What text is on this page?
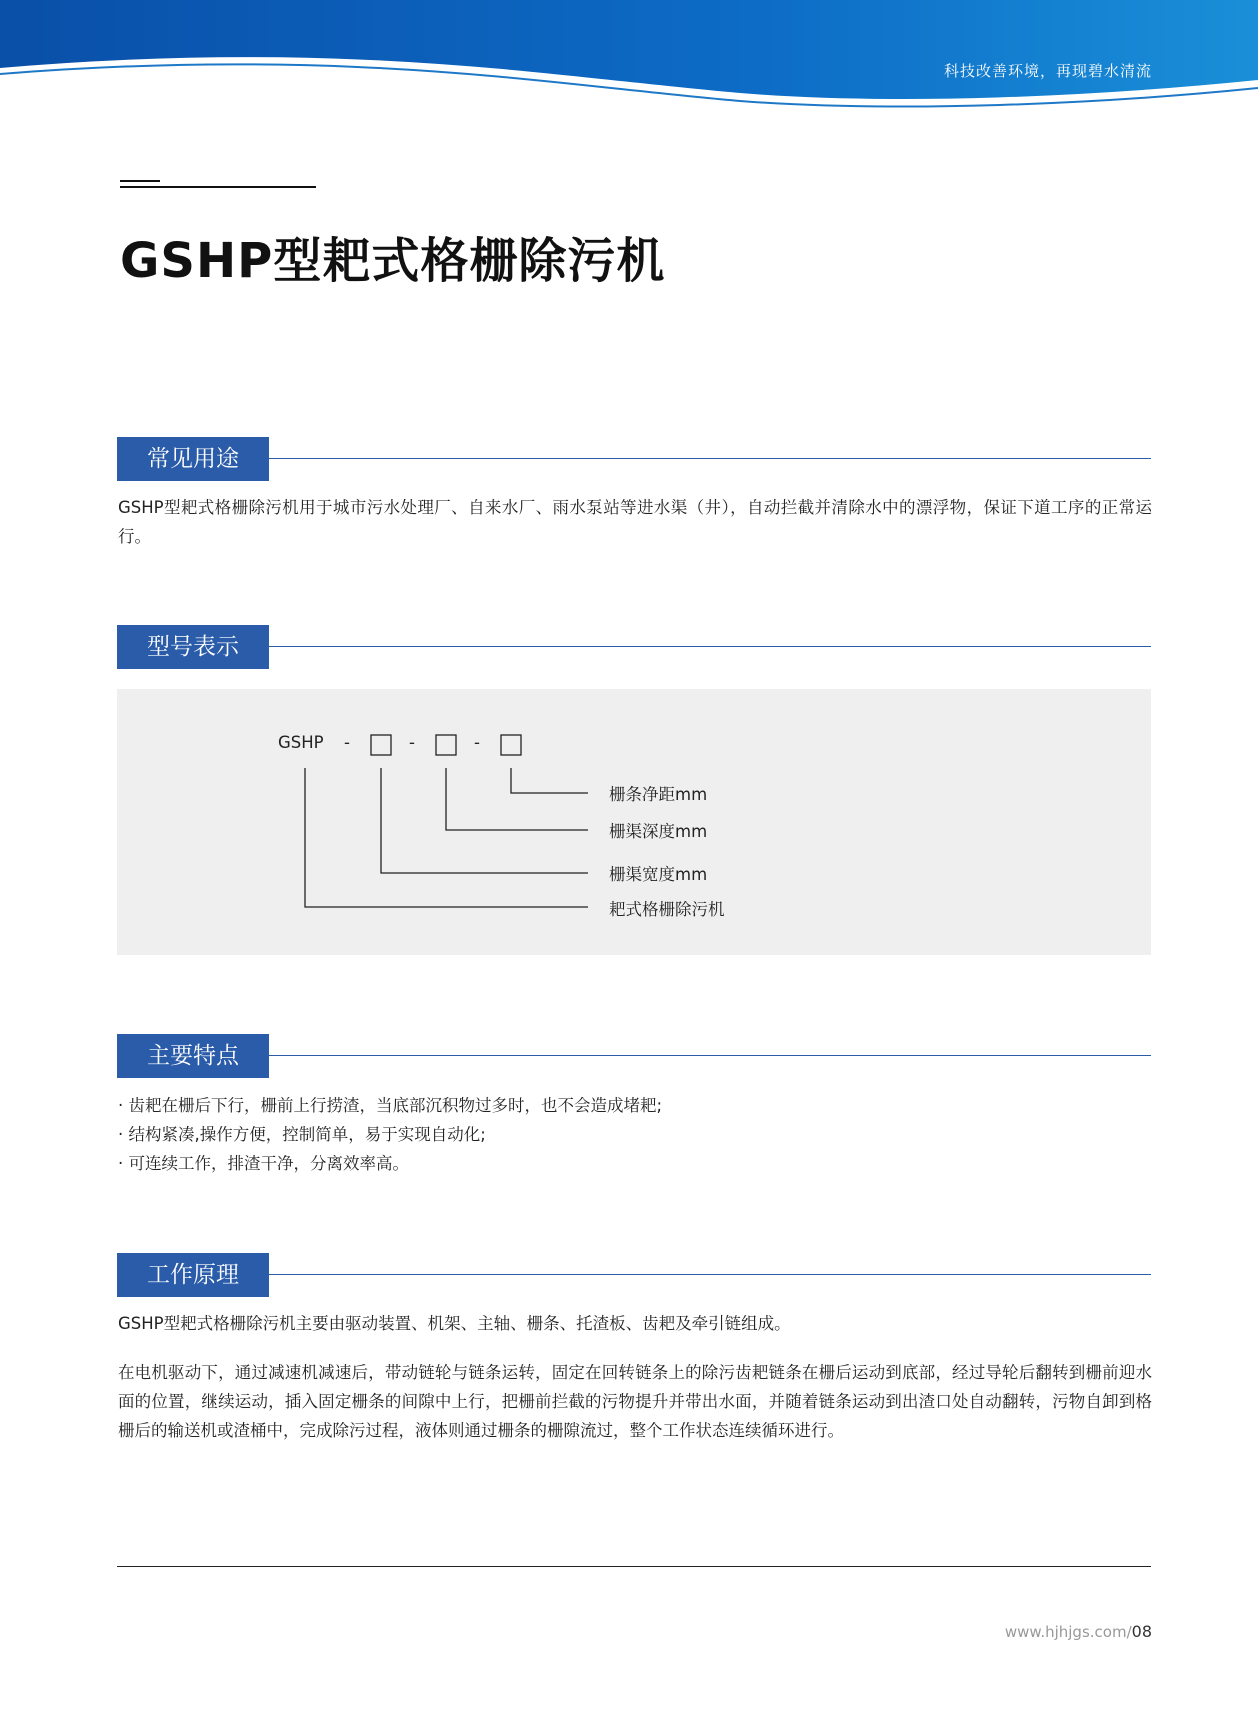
科技改善环境，再现碧水清流
GSHP型耙式格栅除污机
常见用途
GSHP型耙式格栅除污机用于城市污水处理厂、自来水厂、雨水泵站等进水渠（井），自动拦截并清除水中的漂浮物，保证下道工序的正常运行。
型号表示
GSHP -	-	-
栅条净距mm
栅渠深度mm
栅渠宽度mm
耙式格栅除污机
主要特点
· 齿耙在栅后下行，栅前上行捞渣，当底部沉积物过多时，也不会造成堵耙;
· 结构紧凑,操作方便，控制简单，易于实现自动化;
· 可连续工作，排渣干净，分离效率高。
工作原理
GSHP型耙式格栅除污机主要由驱动装置、机架、主轴、栅条、托渣板、齿耙及牵引链组成。
在电机驱动下，通过减速机减速后，带动链轮与链条运转，固定在回转链条上的除污齿耙链条在栅后运动到底部，经过导轮后翻转到栅前迎水面的位置，继续运动，插入固定栅条的间隙中上行，把栅前拦截的污物提升并带出水面，并随着链条运动到出渣口处自动翻转，污物自卸到格栅后的输送机或渣桶中，完成除污过程，液体则通过栅条的栅隙流过，整个工作状态连续循环进行。
www.hjhjgs.com/08
